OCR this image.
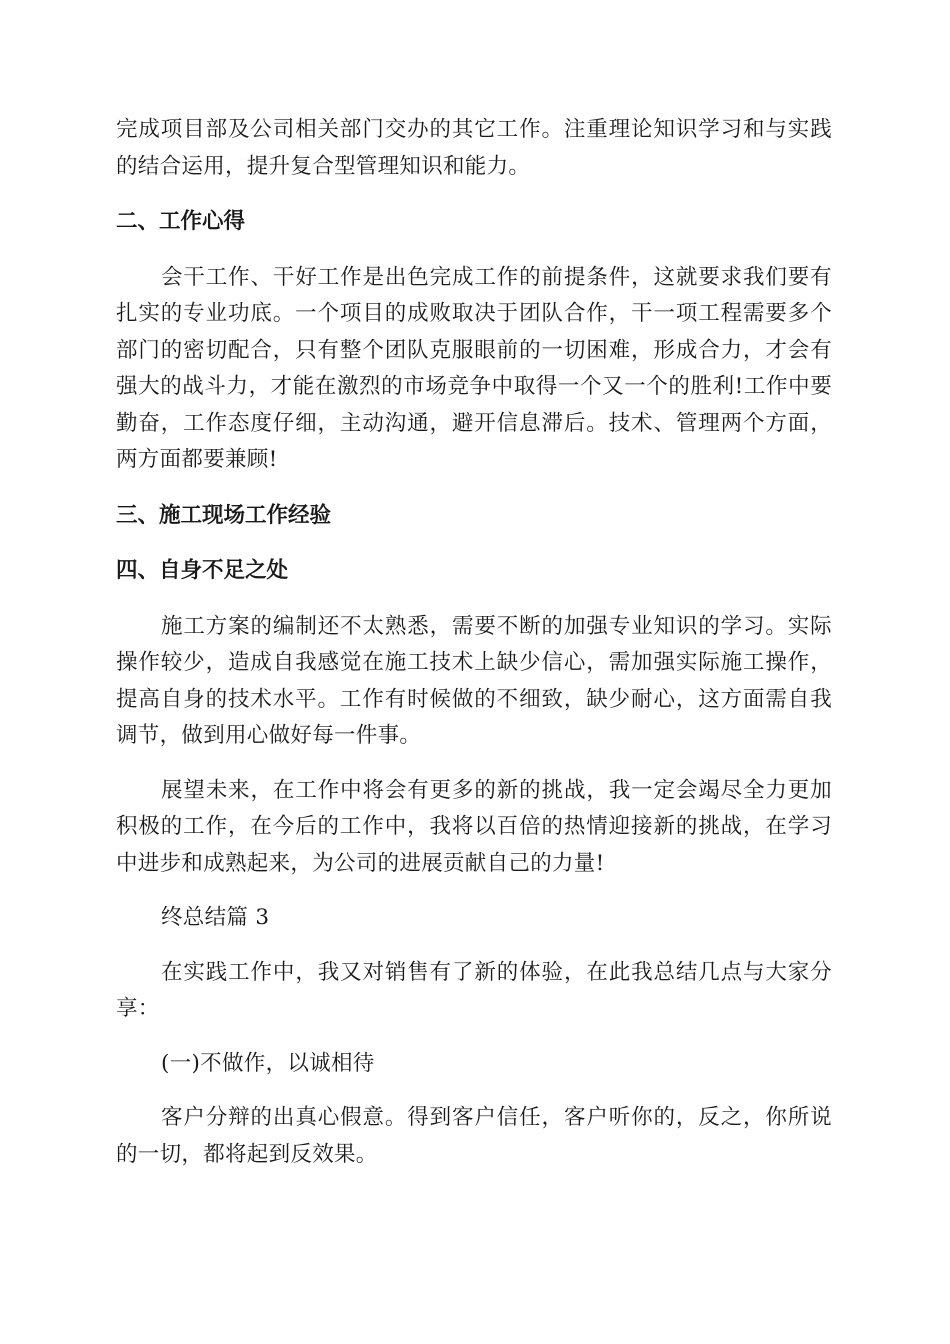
完成项目部及公司相关部门交办的其它工作。注重理论知识学习和与实践的结合运用，提升复合型管理知识和能力。

二、工作心得

会干工作、干好工作是出色完成工作的前提条件，这就要求我们要有扎实的专业功底。一个项目的成败取决于团队合作，干一项工程需要多个部门的密切配合，只有整个团队克服眼前的一切困难，形成合力，才会有强大的战斗力，才能在激烈的市场竞争中取得一个又一个的胜利!工作中要勤奋，工作态度仔细，主动沟通，避开信息滞后。技术、管理两个方面，两方面都要兼顾!

三、施工现场工作经验

四、自身不足之处

施工方案的编制还不太熟悉，需要不断的加强专业知识的学习。实际操作较少，造成自我感觉在施工技术上缺少信心，需加强实际施工操作，提高自身的技术水平。工作有时候做的不细致，缺少耐心，这方面需自我调节，做到用心做好每一件事。

展望未来，在工作中将会有更多的新的挑战，我一定会竭尽全力更加积极的工作，在今后的工作中，我将以百倍的热情迎接新的挑战，在学习中进步和成熟起来，为公司的进展贡献自己的力量!

终总结篇 3

在实践工作中，我又对销售有了新的体验，在此我总结几点与大家分享：

(一)不做作，以诚相待

客户分辩的出真心假意。得到客户信任，客户听你的，反之，你所说的一切，都将起到反效果。
